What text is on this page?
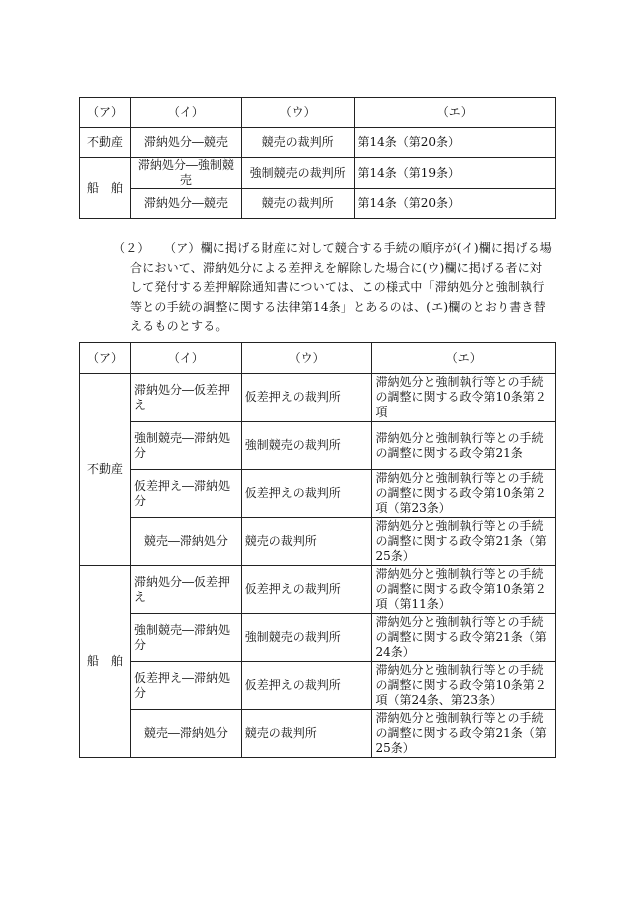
（ア）	（イ）	（ウ）	（エ）
不動産	滞納処分―競売	競売の裁判所	第14条（第20条）
船　舶	滞納処分―強制競売	強制競売の裁判所	第14条（第19条）
	滞納処分―競売	競売の裁判所	第14条（第20条）
（２）	（ア）欄に掲げる財産に対して競合する手続の順序が(イ)欄に掲げる場合において、滞納処分による差押えを解除した場合に(ウ)欄に掲げる者に対して発付する差押解除通知書については、この様式中「滞納処分と強制執行等との手続の調整に関する法律第14条」とあるのは、(エ)欄のとおり書き替えるものとする。

（ア）	（イ）	（ウ）	（エ）
不動産	滞納処分―仮差押え	仮差押えの裁判所	滞納処分と強制執行等との手続の調整に関する政令第10条第２項
	強制競売―滞納処分	強制競売の裁判所	滞納処分と強制執行等との手続の調整に関する政令第21条
	仮差押え―滞納処分	仮差押えの裁判所	滞納処分と強制執行等との手続の調整に関する政令第10条第２項（第23条）
	競売―滞納処分	競売の裁判所	滞納処分と強制執行等との手続の調整に関する政令第21条（第25条）
船　舶	滞納処分―仮差押え	仮差押えの裁判所	滞納処分と強制執行等との手続の調整に関する政令第10条第２項（第11条）
	強制競売―滞納処分	強制競売の裁判所	滞納処分と強制執行等との手続の調整に関する政令第21条（第24条）
	仮差押え―滞納処分	仮差押えの裁判所	滞納処分と強制執行等との手続の調整に関する政令第10条第２項（第24条、第23条）
	競売―滞納処分	競売の裁判所	滞納処分と強制執行等との手続の調整に関する政令第21条（第25条）
